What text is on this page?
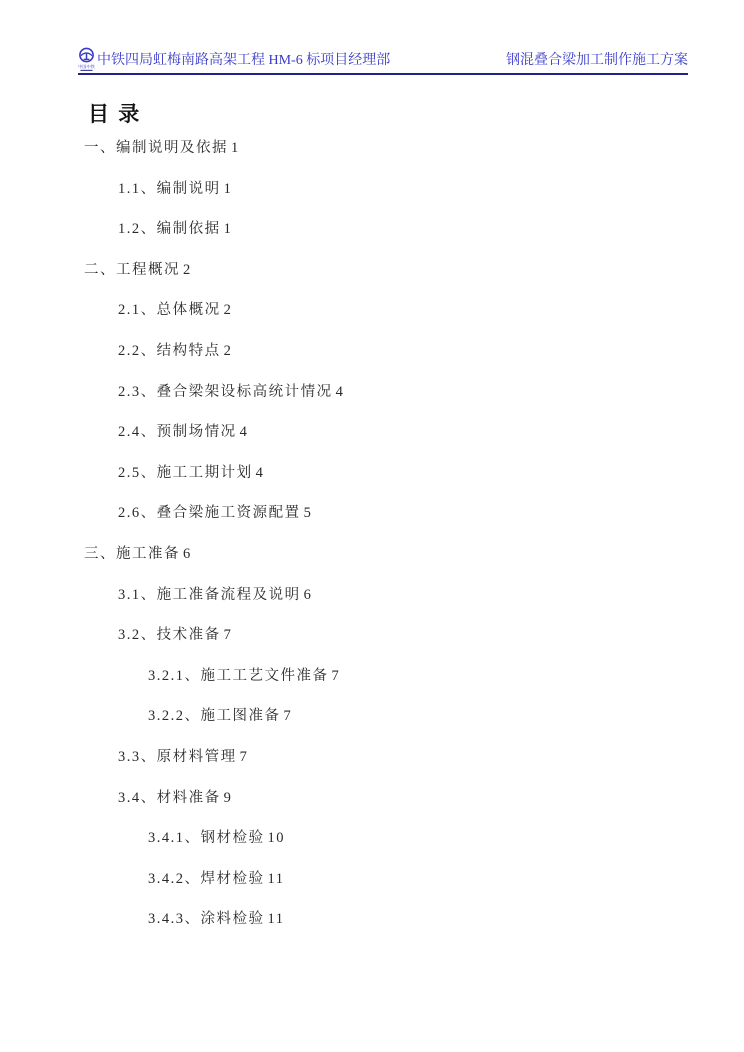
中国中铁 中铁四局虹梅南路高架工程 HM-6 标项目经理部	钢混叠合梁加工制作施工方案
目 录
一、编制说明及依据 1
1.1、编制说明 1
1.2、编制依据 1
二、工程概况 2
2.1、总体概况 2
2.2、结构特点 2
2.3、叠合梁架设标高统计情况 4
2.4、预制场情况 4
2.5、施工工期计划 4
2.6、叠合梁施工资源配置 5
三、施工准备 6
3.1、施工准备流程及说明 6
3.2、技术准备 7
3.2.1、施工工艺文件准备 7
3.2.2、施工图准备 7
3.3、原材料管理 7
3.4、材料准备 9
3.4.1、钢材检验 10
3.4.2、焊材检验 11
3.4.3、涂料检验 11
